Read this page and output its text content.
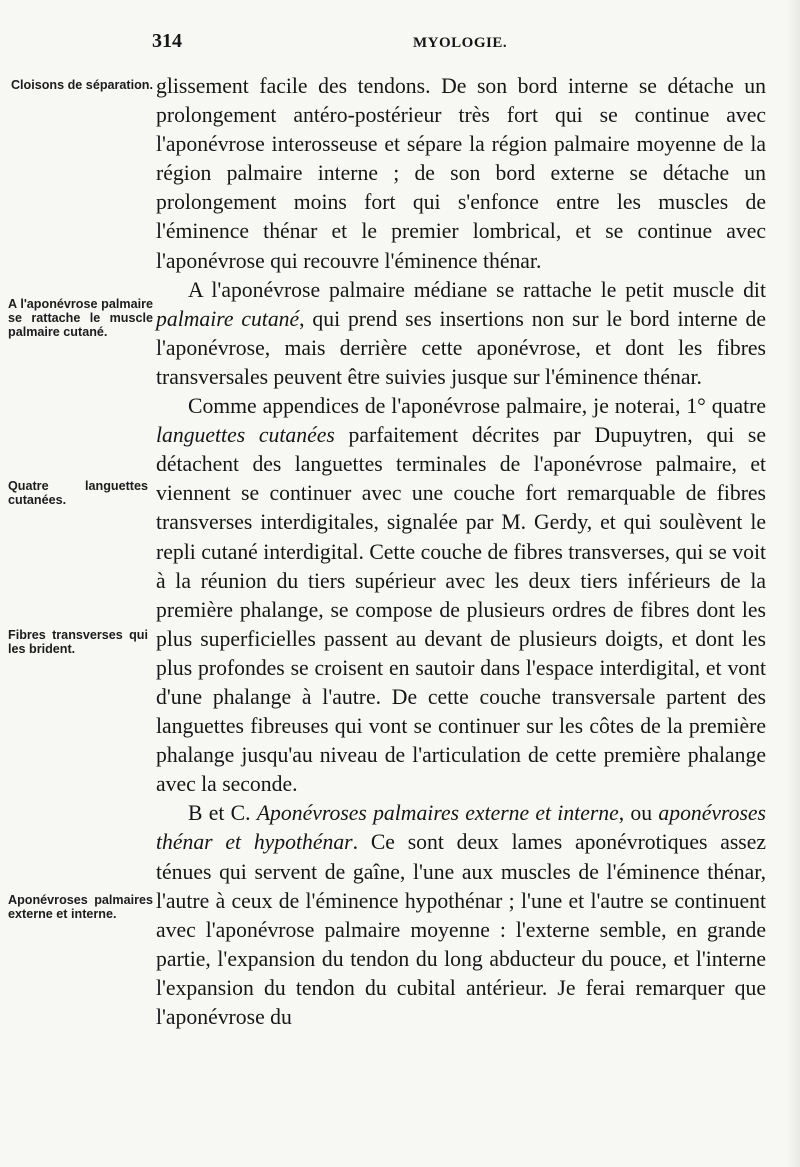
314	MYOLOGIE.
Cloisons de séparation.
A l'aponévrose palmaire se rattache le muscle palmaire cutané.
Quatre languettes cutanées.
Fibres transverses qui les brident.
Aponévroses palmaires externe et interne.

glissement facile des tendons. De son bord interne se détache un prolongement antéro-postérieur très fort qui se continue avec l'aponévrose interosseuse et sépare la région palmaire moyenne de la région palmaire interne ; de son bord externe se détache un prolongement moins fort qui s'enfonce entre les muscles de l'éminence thénar et le premier lombrical, et se continue avec l'aponévrose qui recouvre l'éminence thénar.

A l'aponévrose palmaire médiane se rattache le petit muscle dit palmaire cutané, qui prend ses insertions non sur le bord interne de l'aponévrose, mais derrière cette aponévrose, et dont les fibres transversales peuvent être suivies jusque sur l'éminence thénar.

Comme appendices de l'aponévrose palmaire, je noterai, 1° quatre languettes cutanées parfaitement décrites par Dupuytren, qui se détachent des languettes terminales de l'aponévrose palmaire, et viennent se continuer avec une couche fort remarquable de fibres transverses interdigitales, signalée par M. Gerdy, et qui soulèvent le repli cutané interdigital. Cette couche de fibres transverses, qui se voit à la réunion du tiers supérieur avec les deux tiers inférieurs de la première phalange, se compose de plusieurs ordres de fibres dont les plus superficielles passent au devant de plusieurs doigts, et dont les plus profondes se croisent en sautoir dans l'espace interdigital, et vont d'une phalange à l'autre. De cette couche transversale partent des languettes fibreuses qui vont se continuer sur les côtes de la première phalange jusqu'au niveau de l'articulation de cette première phalange avec la seconde.

B et C. Aponévroses palmaires externe et interne, ou aponévroses thénar et hypothénar. Ce sont deux lames aponévrotiques assez ténues qui servent de gaîne, l'une aux muscles de l'éminence thénar, l'autre à ceux de l'éminence hypothénar ; l'une et l'autre se continuent avec l'aponévrose palmaire moyenne : l'externe semble, en grande partie, l'expansion du tendon du long abducteur du pouce, et l'interne l'expansion du tendon du cubital antérieur. Je ferai remarquer que l'aponévrose du
